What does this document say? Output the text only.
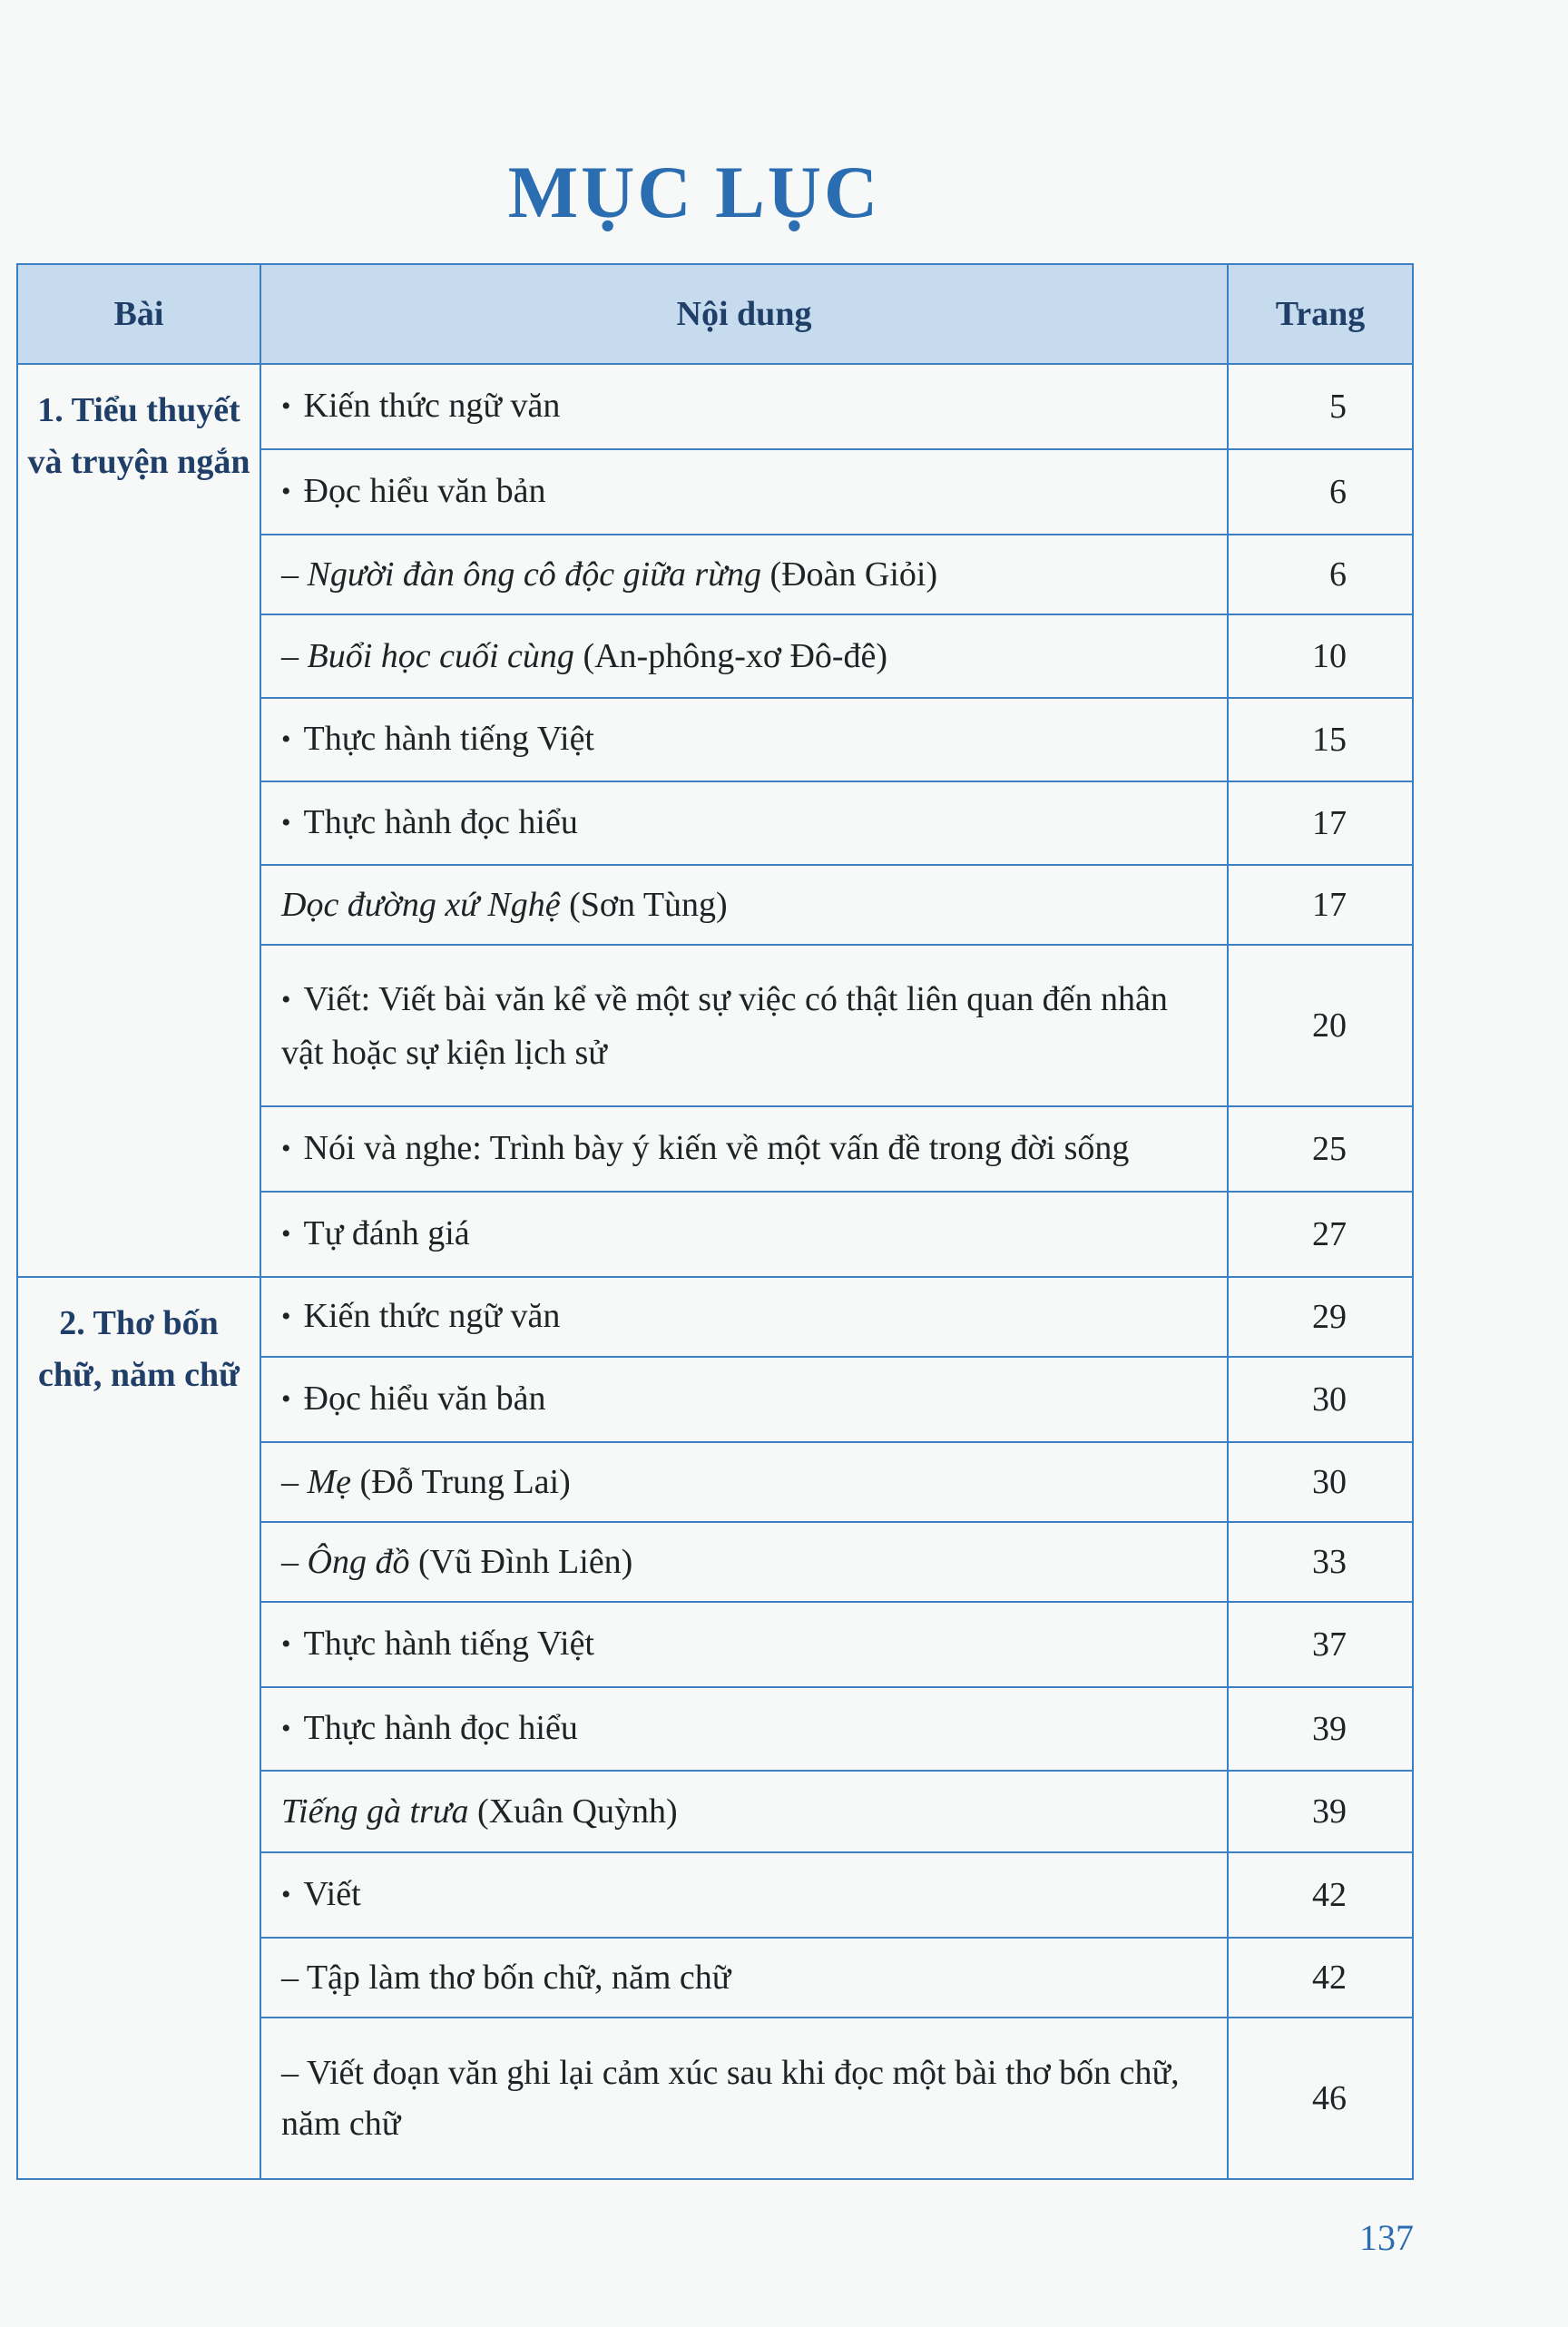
MỤC LỤC
Bài	Nội dung	Trang
1. Tiểu thuyết và truyện ngắn	• Kiến thức ngữ văn	5
	• Đọc hiểu văn bản	6
	– Người đàn ông cô độc giữa rừng (Đoàn Giỏi)	6
	– Buổi học cuối cùng (An-phông-xơ Đô-đê)	10
	• Thực hành tiếng Việt	15
	• Thực hành đọc hiểu	17
	Dọc đường xứ Nghệ (Sơn Tùng)	17
	• Viết: Viết bài văn kể về một sự việc có thật liên quan đến nhân vật hoặc sự kiện lịch sử	20
	• Nói và nghe: Trình bày ý kiến về một vấn đề trong đời sống	25
	• Tự đánh giá	27
2. Thơ bốn chữ, năm chữ	• Kiến thức ngữ văn	29
	• Đọc hiểu văn bản	30
	– Mẹ (Đỗ Trung Lai)	30
	– Ông đồ (Vũ Đình Liên)	33
	• Thực hành tiếng Việt	37
	• Thực hành đọc hiểu	39
	Tiếng gà trưa (Xuân Quỳnh)	39
	• Viết	42
	– Tập làm thơ bốn chữ, năm chữ	42
	– Viết đoạn văn ghi lại cảm xúc sau khi đọc một bài thơ bốn chữ, năm chữ	46
137
